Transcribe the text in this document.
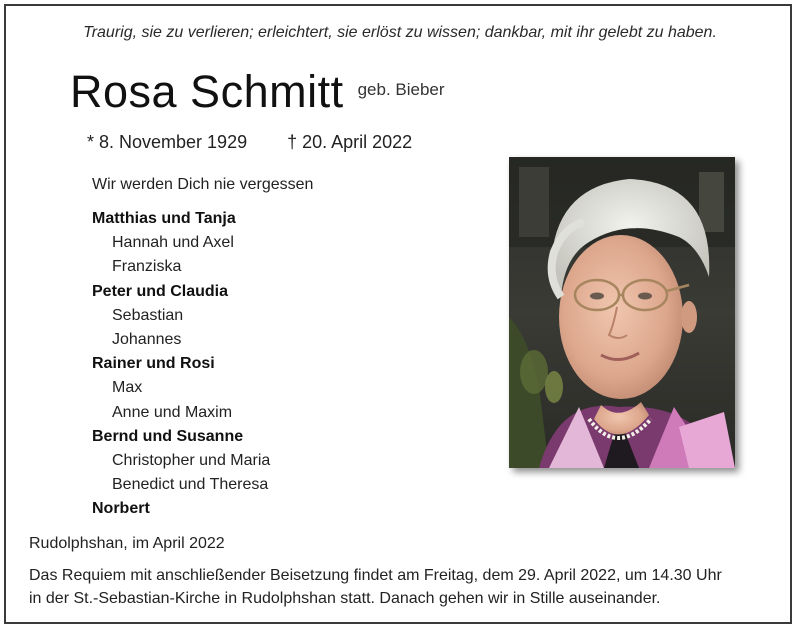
Traurig, sie zu verlieren; erleichtert, sie erlöst zu wissen; dankbar, mit ihr gelebt zu haben.
Rosa Schmitt geb. Bieber
* 8. November 1929 † 20. April 2022
Wir werden Dich nie vergessen
Matthias und Tanja
Hannah und Axel
Franziska
Peter und Claudia
Sebastian
Johannes
Rainer und Rosi
Max
Anne und Maxim
Bernd und Susanne
Christopher und Maria
Benedict und Theresa
Norbert
Rudolphshan, im April 2022
Das Requiem mit anschließender Beisetzung findet am Freitag, dem 29. April 2022, um 14.30 Uhr
in der St.-Sebastian-Kirche in Rudolphshan statt. Danach gehen wir in Stille auseinander.
